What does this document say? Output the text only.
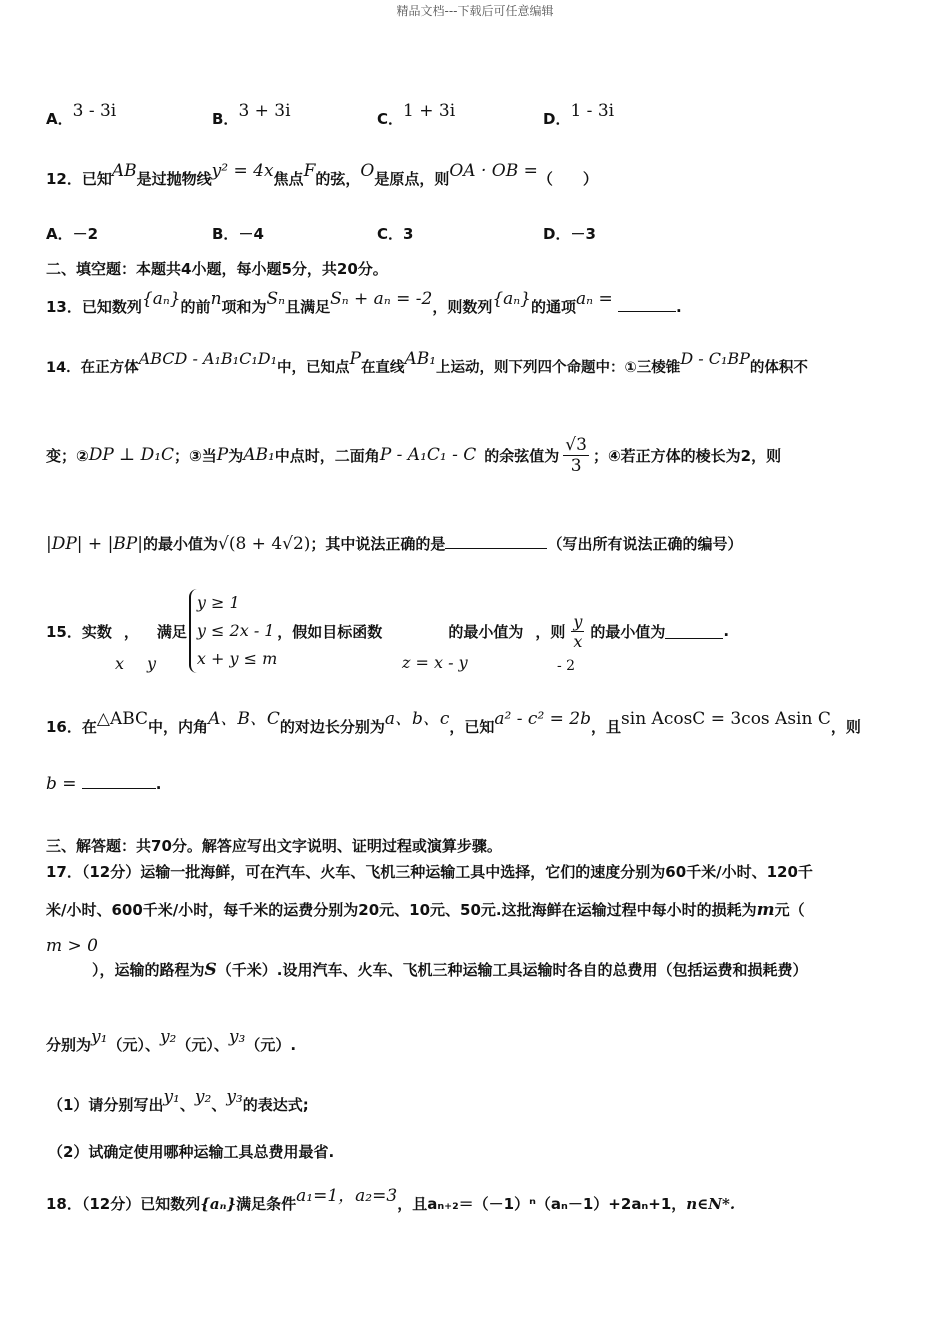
精品文档---下载后可任意编辑
A．3 - 3i	B．3 + 3i	C．1 + 3i	D．1 - 3i
12．已知AB是过抛物线y² = 4x焦点F的弦，O是原点，则OA · OB =（　　）
A．－2	B．－4	C．3	D．－3
二、填空题：本题共4小题，每小题5分，共20分。
13．已知数列{aₙ}的前n项和为Sₙ且满足Sₙ + aₙ = -2，则数列{aₙ}的通项aₙ =	.
14．在正方体ABCD - A₁B₁C₁D₁中，已知点P在直线AB₁上运动，则下列四个命题中：①三棱锥D - C₁BP的体积不
变；② DP ⊥ D₁C ；③当 P 为 AB₁ 中点时，二面角 P - A₁C₁ - C 的余弦值为 $\frac{√3}{3}$ ；④若正方体的棱长为2，则
|DP| + |BP|的最小值为√(8 + 4√2)；其中说法正确的是	（写出所有说法正确的编号）
15．实数 ， 满足
y ≥ 1
y ≤ 2x - 1
x + y ≤ m
，假如目标函数	的最小值为 ，则 $\frac{y}{x}$ 的最小值为	.
x y	z = x - y	- 2
16．在△ABC中，内角A、B、C的对边长分别为a、b、c，已知a² - c² = 2b，且sin AcosC = 3cos Asin C，则
b =	.
三、解答题：共70分。解答应写出文字说明、证明过程或演算步骤。
17．（12分）运输一批海鲜，可在汽车、火车、飞机三种运输工具中选择，它们的速度分别为60千米/小时、120千
米/小时、600千米/小时，每千米的运费分别为20元、10元、50元.这批海鲜在运输过程中每小时的损耗为m元（
m > 0
），运输的路程为S（千米）.设用汽车、火车、飞机三种运输工具运输时各自的总费用（包括运费和损耗费）
分别为y₁（元）、y₂（元）、y₃（元）.
（1）请分别写出y₁、y₂、y₃的表达式;
（2）试确定使用哪种运输工具总费用最省.
18．（12分）已知数列{aₙ}满足条件a₁=1，a₂=3，且aₙ₊₂＝（－1）ⁿ（aₙ－1）+2aₙ+1，n∈N*.
